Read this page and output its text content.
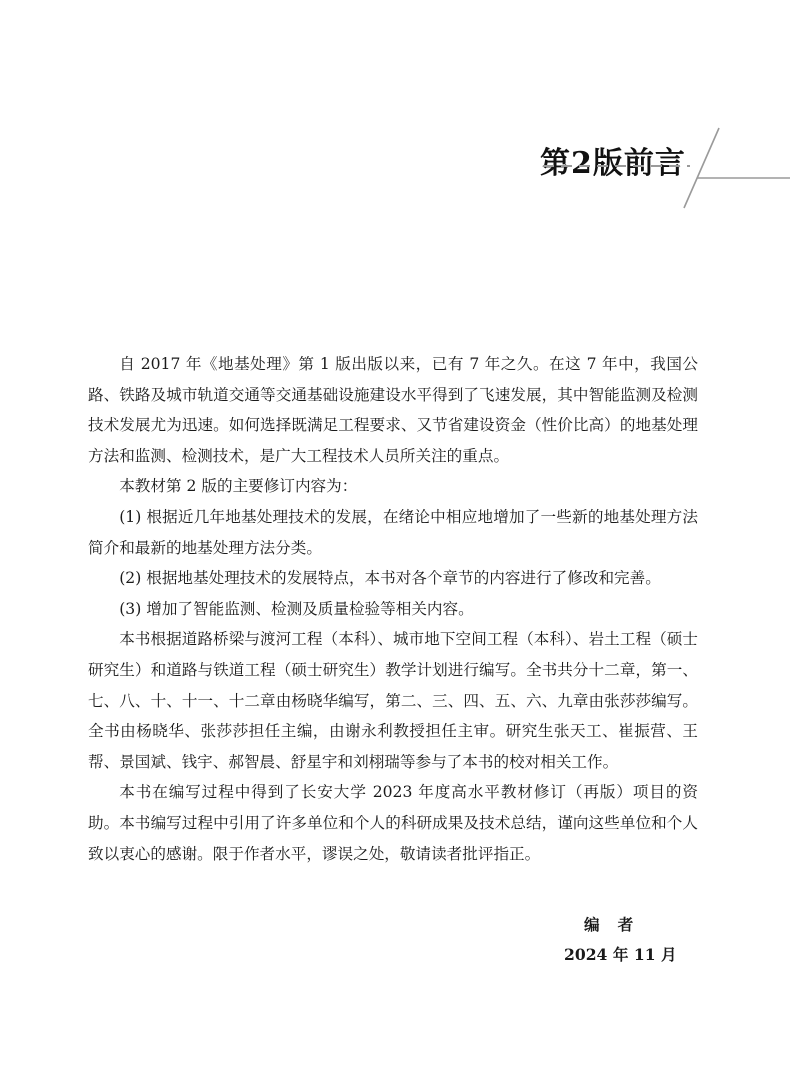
第2版前言

自 2017 年《地基处理》第 1 版出版以来，已有 7 年之久。在这 7 年中，我国公路、铁路及城市轨道交通等交通基础设施建设水平得到了飞速发展，其中智能监测及检测技术发展尤为迅速。如何选择既满足工程要求、又节省建设资金（性价比高）的地基处理方法和监测、检测技术，是广大工程技术人员所关注的重点。

本教材第 2 版的主要修订内容为：

(1) 根据近几年地基处理技术的发展，在绪论中相应地增加了一些新的地基处理方法简介和最新的地基处理方法分类。

(2) 根据地基处理技术的发展特点，本书对各个章节的内容进行了修改和完善。

(3) 增加了智能监测、检测及质量检验等相关内容。

本书根据道路桥梁与渡河工程（本科）、城市地下空间工程（本科）、岩土工程（硕士研究生）和道路与铁道工程（硕士研究生）教学计划进行编写。全书共分十二章，第一、七、八、十、十一、十二章由杨晓华编写，第二、三、四、五、六、九章由张莎莎编写。全书由杨晓华、张莎莎担任主编，由谢永利教授担任主审。研究生张天工、崔振营、王帮、景国斌、钱宇、郝智晨、舒星宇和刘栩瑞等参与了本书的校对相关工作。

本书在编写过程中得到了长安大学 2023 年度高水平教材修订（再版）项目的资助。本书编写过程中引用了许多单位和个人的科研成果及技术总结，谨向这些单位和个人致以衷心的感谢。限于作者水平，谬误之处，敬请读者批评指正。

编者
2024 年 11 月
